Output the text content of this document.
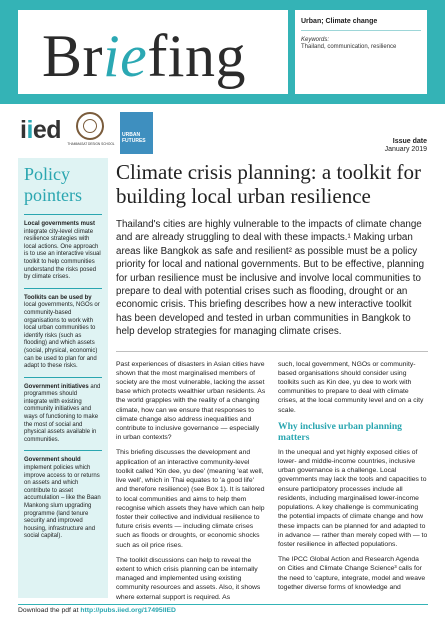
Briefing
Urban; Climate change
Keywords:
Thailand, communication, resilience
iied	THAMMASAT DESIGN SCHOOL
URBAN FUTURES	Issue date
January 2019
Policy pointers
Local governments must integrate city-level climate resilience strategies with local actions. One approach is to use an interactive visual toolkit to help communities understand the risks posed by climate crises.
Toolkits can be used by local governments, NGOs or community-based organisations to work with local urban communities to identify risks (such as flooding) and which assets (social, physical, economic) can be used to plan for and adapt to these risks.
Government initiatives and programmes should integrate with existing community initiatives and ways of functioning to make the most of social and physical assets available in communities.
Government should implement policies which improve access to or returns on assets and which contribute to asset accumulation – like the Baan Mankong slum upgrading programme (land tenure security and improved housing, infrastructure and social capital).
Climate crisis planning: a toolkit for building local urban resilience
Thailand's cities are highly vulnerable to the impacts of climate change and are already struggling to deal with these impacts.¹ Making urban areas like Bangkok as safe and resilient² as possible must be a policy priority for local and national governments. But to be effective, planning for urban resilience must be inclusive and involve local communities to prepare to deal with potential crises such as flooding, drought or an economic crisis. This briefing describes how a new interactive toolkit has been developed and tested in urban communities in Bangkok to help develop strategies for managing climate crises.

Past experiences of disasters in Asian cities have shown that the most marginalised members of society are the most vulnerable, lacking the asset base which protects wealthier urban residents. As the world grapples with the reality of a changing climate, how can we ensure that responses to climate change also address inequalities and contribute to inclusive governance — especially in urban contexts?

This briefing discusses the development and application of an interactive community-level toolkit called 'Kin dee, yu dee' (meaning 'eat well, live well', which in Thai equates to 'a good life' and therefore resilience) (see Box 1). It is tailored to local communities and aims to help them recognise which assets they have which can help foster their collective and individual resilience to future crisis events — including climate crises such as floods or droughts, or economic shocks such as oil price rises.

The toolkit discussions can help to reveal the extent to which crisis planning can be internally managed and implemented using existing community resources and assets. Also, it shows where external support is required. As

such, local government, NGOs or community-based organisations should consider using toolkits such as Kin dee, yu dee to work with communities to prepare to deal with climate crises, at the local community level and on a city scale.

Why inclusive urban planning matters

In the unequal and yet highly exposed cities of lower- and middle-income countries, inclusive urban governance is a challenge. Local governments may lack the tools and capacities to ensure participatory processes include all residents, including marginalised lower-income populations. A key challenge is communicating the potential impacts of climate change and how these impacts can be planned for and adapted to in advance — rather than merely coped with — to foster resilience in affected populations.

The IPCC Global Action and Research Agenda on Cities and Climate Change Science³ calls for the need to 'capture, integrate, model and weave together diverse forms of knowledge and

Download the pdf at http://pubs.iied.org/17495IIED
